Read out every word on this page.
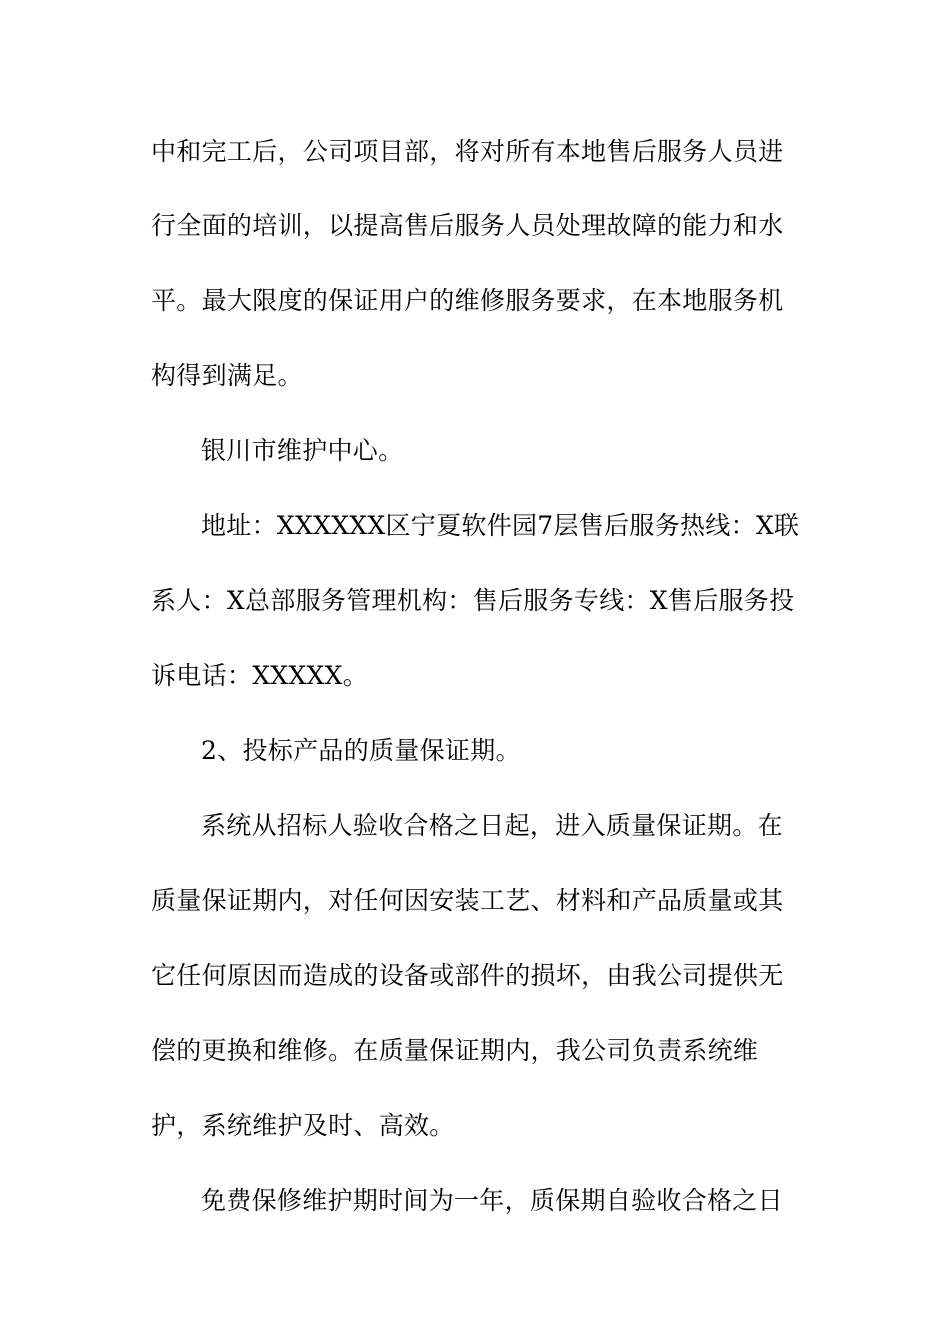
中和完工后，公司项目部，将对所有本地售后服务人员进
行全面的培训，以提高售后服务人员处理故障的能力和水
平。最大限度的保证用户的维修服务要求，在本地服务机
构得到满足。
银川市维护中心。
地址：XXXXXX区宁夏软件园7层售后服务热线：X联
系人：X总部服务管理机构：售后服务专线：X售后服务投
诉电话：XXXXX。
2、投标产品的质量保证期。
系统从招标人验收合格之日起，进入质量保证期。在
质量保证期内，对任何因安装工艺、材料和产品质量或其
它任何原因而造成的设备或部件的损坏，由我公司提供无
偿的更换和维修。在质量保证期内，我公司负责系统维
护，系统维护及时、高效。
免费保修维护期时间为一年，质保期自验收合格之日
